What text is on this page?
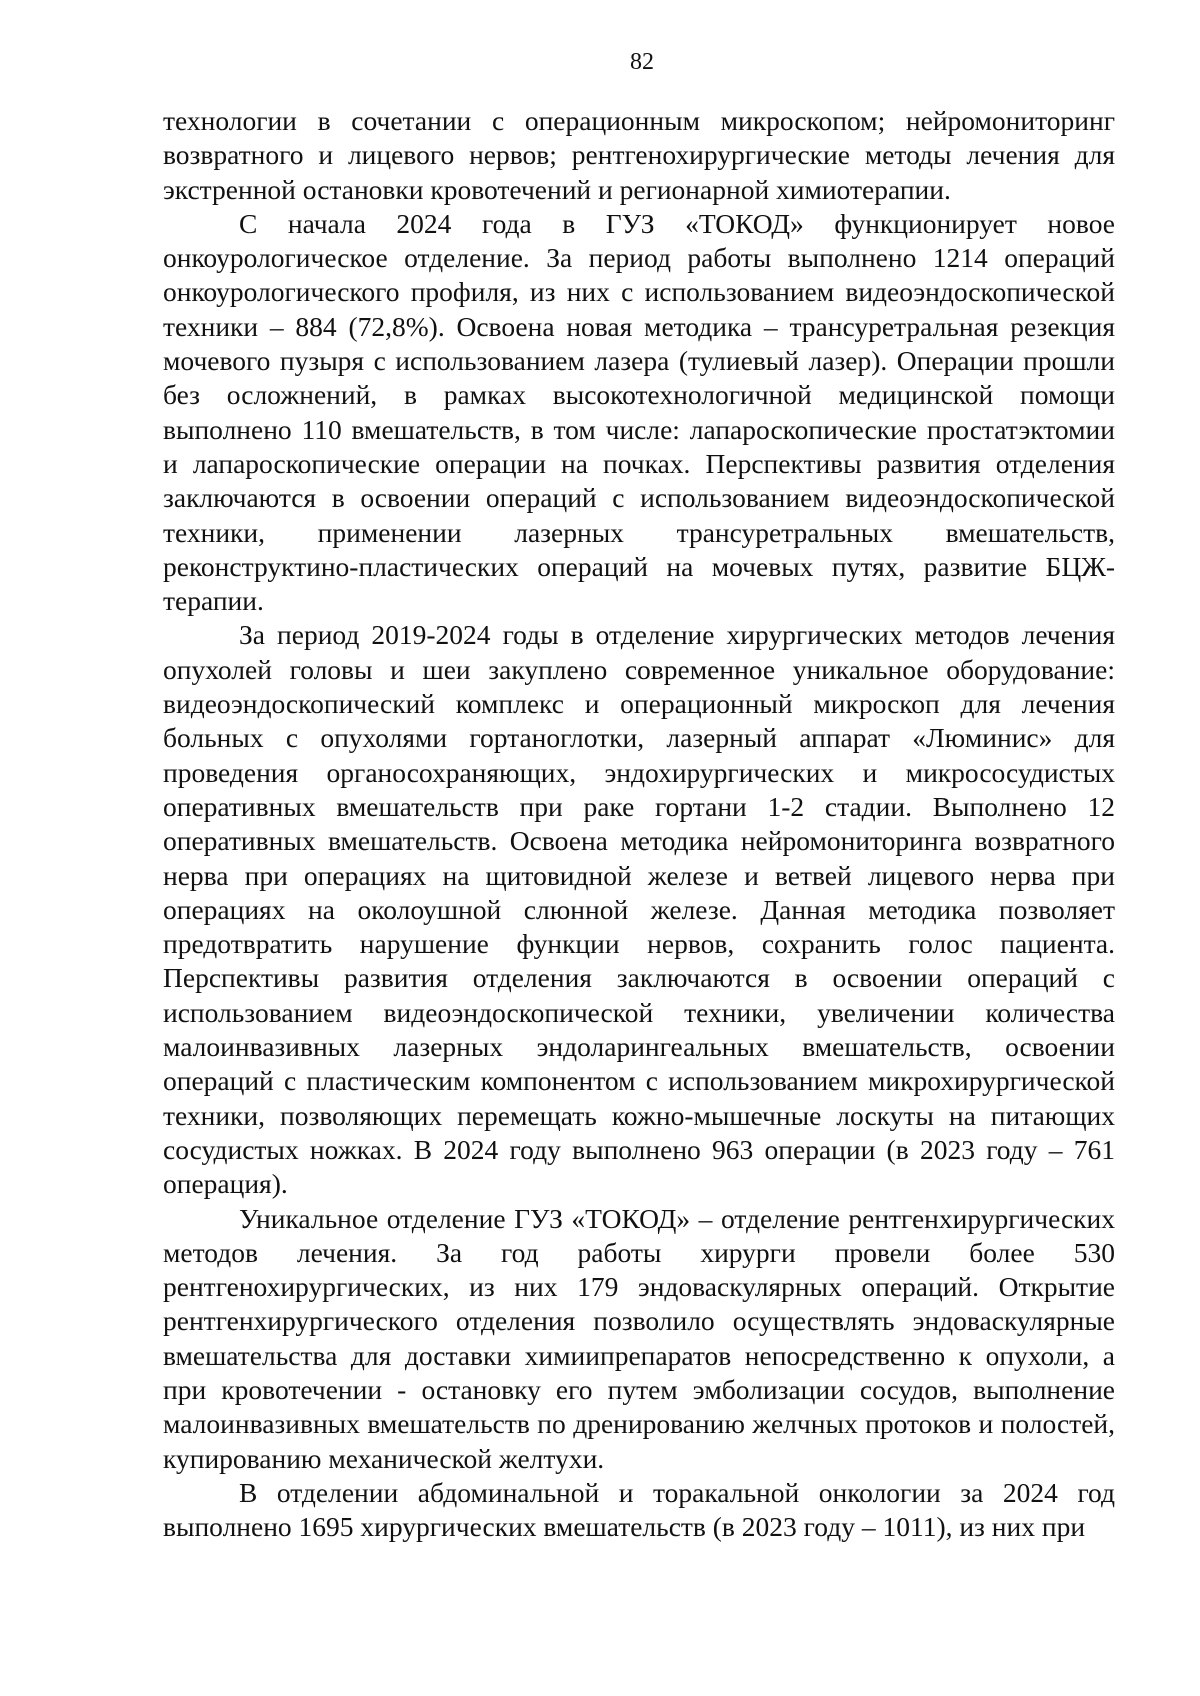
82

технологии в сочетании с операционным микроскопом; нейромониторинг возвратного и лицевого нервов; рентгенохирургические методы лечения для экстренной остановки кровотечений и регионарной химиотерапии.

С начала 2024 года в ГУЗ «ТОКОД» функционирует новое онкоурологическое отделение. За период работы выполнено 1214 операций онкоурологического профиля, из них с использованием видеоэндоскопической техники – 884 (72,8%). Освоена новая методика – трансуретральная резекция мочевого пузыря с использованием лазера (тулиевый лазер). Операции прошли без осложнений, в рамках высокотехнологичной медицинской помощи выполнено 110 вмешательств, в том числе: лапароскопические простатэктомии и лапароскопические операции на почках. Перспективы развития отделения заключаются в освоении операций с использованием видеоэндоскопической техники, применении лазерных трансуретральных вмешательств, реконструктино-пластических операций на мочевых путях, развитие БЦЖ- терапии.

За период 2019-2024 годы в отделение хирургических методов лечения опухолей головы и шеи закуплено современное уникальное оборудование: видеоэндоскопический комплекс и операционный микроскоп для лечения больных с опухолями гортаноглотки, лазерный аппарат «Люминис» для проведения органосохраняющих, эндохирургических и микрососудистых оперативных вмешательств при раке гортани 1-2 стадии. Выполнено 12 оперативных вмешательств. Освоена методика нейромониторинга возвратного нерва при операциях на щитовидной железе и ветвей лицевого нерва при операциях на околоушной слюнной железе. Данная методика позволяет предотвратить нарушение функции нервов, сохранить голос пациента. Перспективы развития отделения заключаются в освоении операций с использованием видеоэндоскопической техники, увеличении количества малоинвазивных лазерных эндоларингеальных вмешательств, освоении операций с пластическим компонентом с использованием микрохирургической техники, позволяющих перемещать кожно-мышечные лоскуты на питающих сосудистых ножках. В 2024 году выполнено 963 операции (в 2023 году – 761 операция).

Уникальное отделение ГУЗ «ТОКОД» – отделение рентгенхирургических методов лечения. За год работы хирурги провели более 530 рентгенохирургических, из них 179 эндоваскулярных операций. Открытие рентгенхирургического отделения позволило осуществлять эндоваскулярные вмешательства для доставки химиипрепаратов непосредственно к опухоли, а при кровотечении - остановку его путем эмболизации сосудов, выполнение малоинвазивных вмешательств по дренированию желчных протоков и полостей, купированию механической желтухи.

В отделении абдоминальной и торакальной онкологии за 2024 год выполнено 1695 хирургических вмешательств (в 2023 году – 1011), из них при
